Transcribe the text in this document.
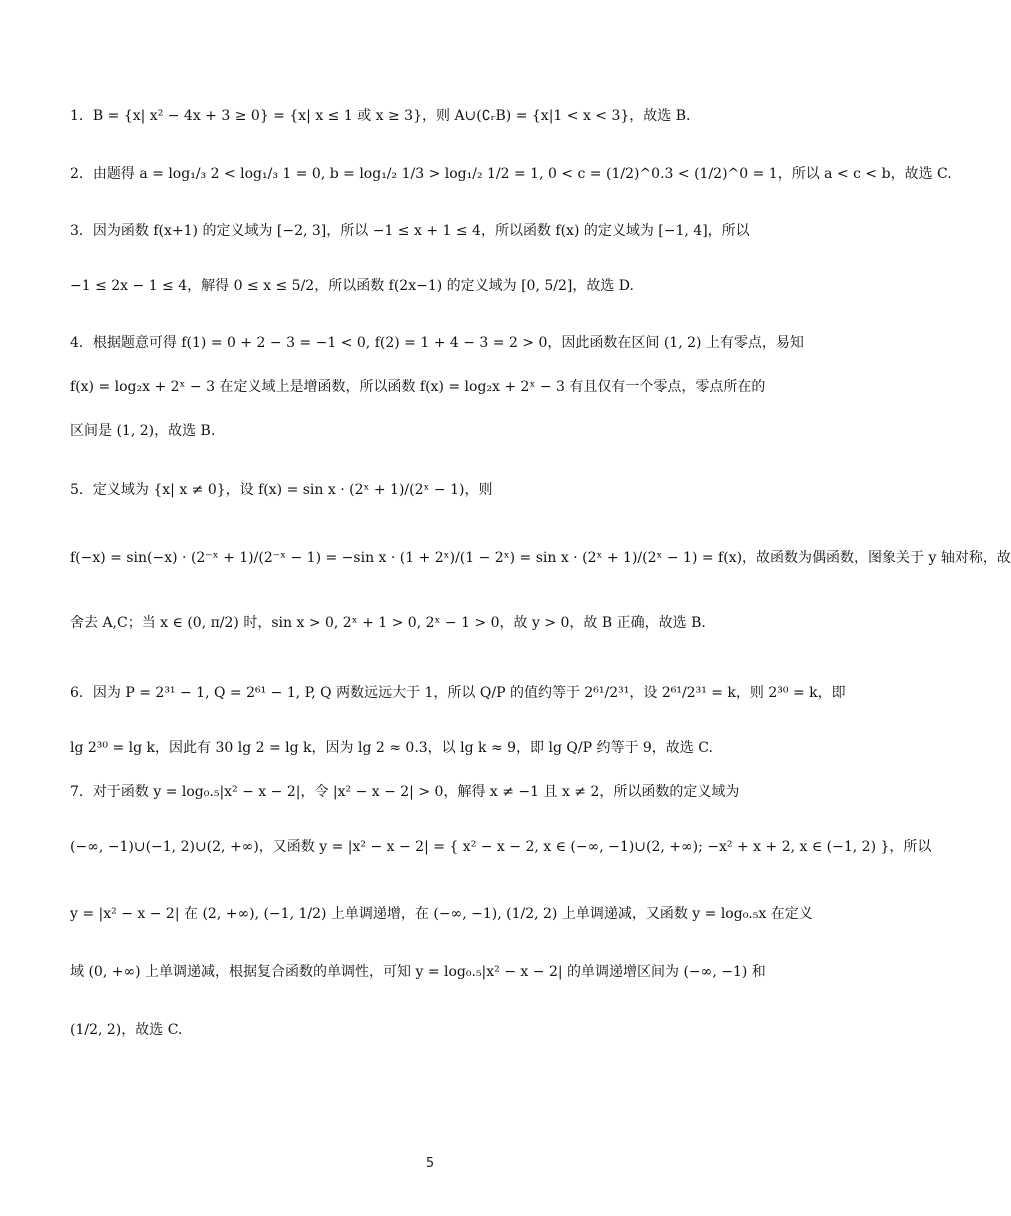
1．B = {x| x² − 4x + 3 ≥ 0} = {x| x ≤ 1 或 x ≥ 3}，则 A∪(∁ᵣB) = {x|1 < x < 3}，故选 B.
2．由题得 a = log₁/₃ 2 < log₁/₃ 1 = 0, b = log₁/₂ 1/3 > log₁/₂ 1/2 = 1, 0 < c = (1/2)^0.3 < (1/2)^0 = 1，所以 a < c < b，故选 C.
3．因为函数 f(x+1) 的定义域为 [−2, 3]，所以 −1 ≤ x + 1 ≤ 4，所以函数 f(x) 的定义域为 [−1, 4]，所以
−1 ≤ 2x − 1 ≤ 4，解得 0 ≤ x ≤ 5/2，所以函数 f(2x−1) 的定义域为 [0, 5/2]，故选 D.
4．根据题意可得 f(1) = 0 + 2 − 3 = −1 < 0, f(2) = 1 + 4 − 3 = 2 > 0，因此函数在区间 (1, 2) 上有零点，易知
f(x) = log₂x + 2ˣ − 3 在定义域上是增函数，所以函数 f(x) = log₂x + 2ˣ − 3 有且仅有一个零点，零点所在的
区间是 (1, 2)，故选 B.
5．定义域为 {x| x ≠ 0}，设 f(x) = sin x · (2ˣ + 1)/(2ˣ − 1)，则
f(−x) = sin(−x) · (2⁻ˣ + 1)/(2⁻ˣ − 1) = −sin x · (1 + 2ˣ)/(1 − 2ˣ) = sin x · (2ˣ + 1)/(2ˣ − 1) = f(x)，故函数为偶函数，图象关于 y 轴对称，故
舍去 A,C；当 x ∈ (0, π/2) 时，sin x > 0, 2ˣ + 1 > 0, 2ˣ − 1 > 0，故 y > 0，故 B 正确，故选 B.
6．因为 P = 2³¹ − 1, Q = 2⁶¹ − 1, P, Q 两数远远大于 1，所以 Q/P 的值约等于 2⁶¹/2³¹，设 2⁶¹/2³¹ = k，则 2³⁰ = k，即
lg 2³⁰ = lg k，因此有 30 lg 2 = lg k，因为 lg 2 ≈ 0.3，以 lg k ≈ 9，即 lg Q/P 约等于 9，故选 C.
7．对于函数 y = log₀.₅|x² − x − 2|，令 |x² − x − 2| > 0，解得 x ≠ −1 且 x ≠ 2，所以函数的定义域为
(−∞, −1)∪(−1, 2)∪(2, +∞)，又函数 y = |x² − x − 2| = { x² − x − 2, x ∈ (−∞, −1)∪(2, +∞); −x² + x + 2, x ∈ (−1, 2) }，所以
y = |x² − x − 2| 在 (2, +∞), (−1, 1/2) 上单调递增，在 (−∞, −1), (1/2, 2) 上单调递减，又函数 y = log₀.₅x 在定义
域 (0, +∞) 上单调递减，根据复合函数的单调性，可知 y = log₀.₅|x² − x − 2| 的单调递增区间为 (−∞, −1) 和
(1/2, 2)，故选 C.
5
